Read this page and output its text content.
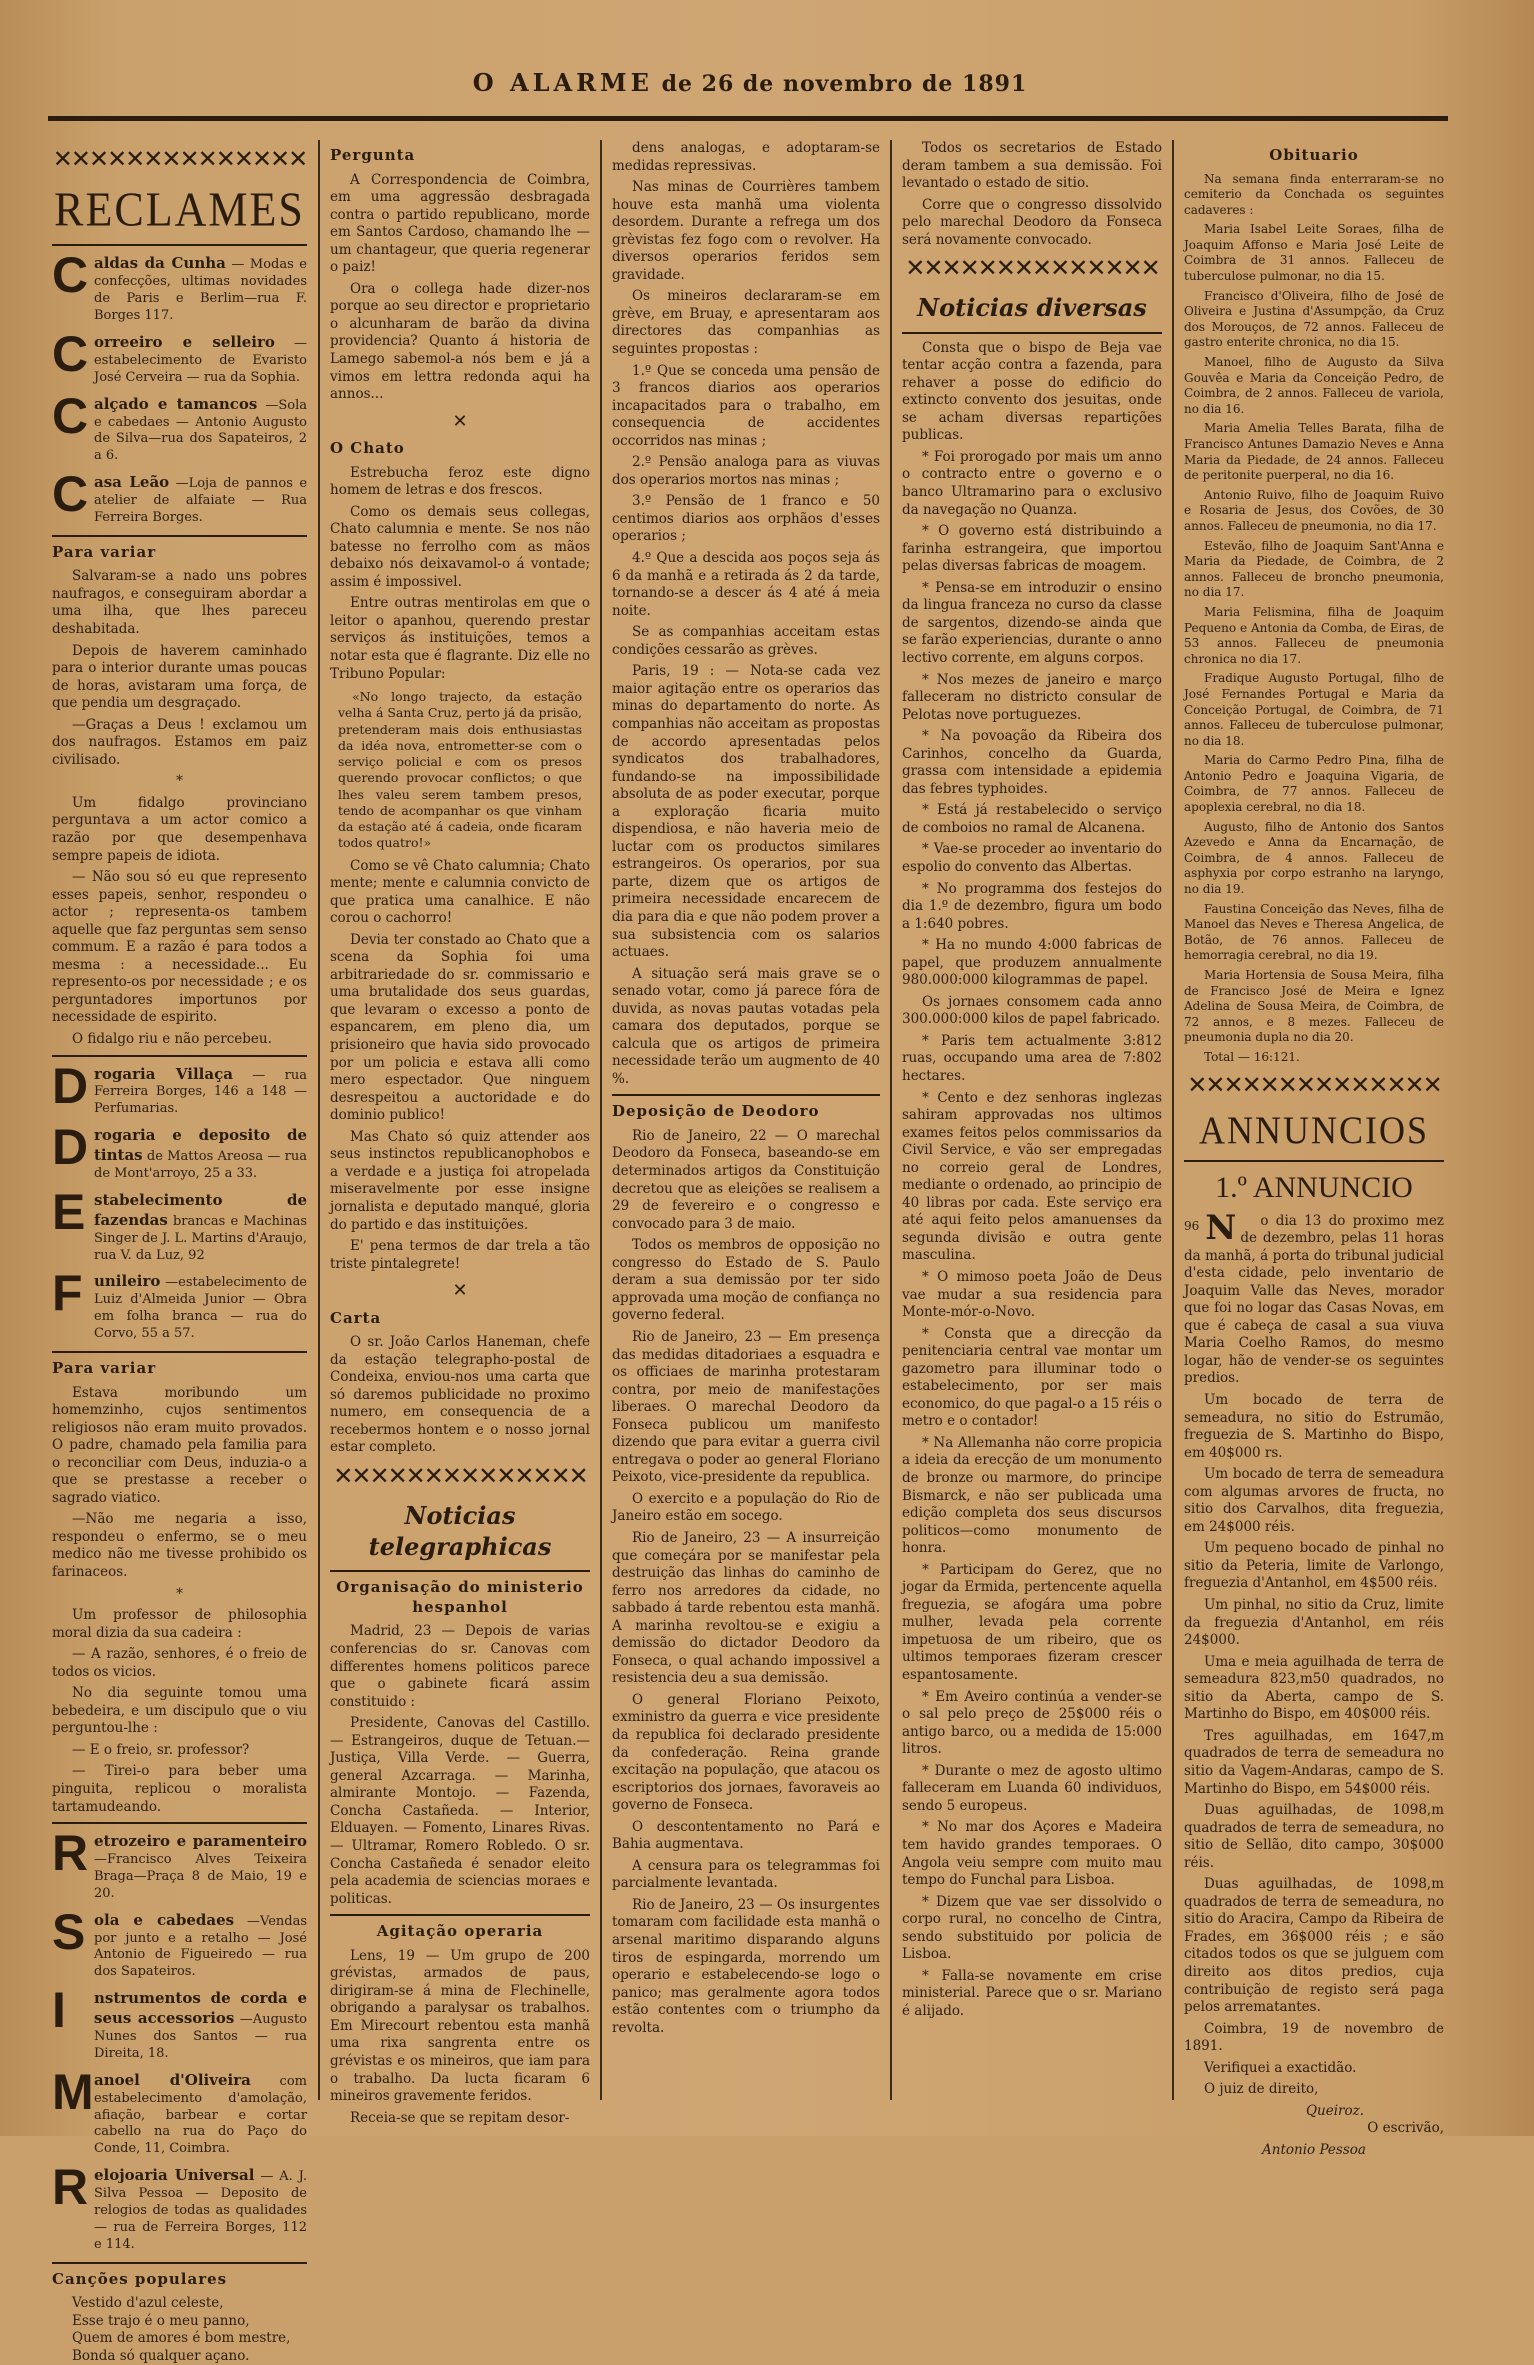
O ALARME de 26 de novembro de 1891
✕✕✕✕✕✕✕✕✕✕✕✕✕✕
RECLAMES
C aldas da Cunha — Modas e confecções, ultimas novidades de Paris e Berlim—rua F. Borges 117.
C orreeiro e selleiro — estabelecimento de Evaristo José Cerveira — rua da Sophia.
C alçado e tamancos —Sola e cabedaes — Antonio Augusto de Silva—rua dos Sapateiros, 2 a 6.
C asa Leão —Loja de pannos e atelier de alfaiate — Rua Ferreira Borges.
Para variar

Salvaram-se a nado uns pobres naufragos, e conseguiram abordar a uma ilha, que lhes pareceu deshabitada.

Depois de haverem caminhado para o interior durante umas poucas de horas, avistaram uma força, de que pendia um desgraçado.

—Graças a Deus ! exclamou um dos naufragos. Estamos em paiz civilisado.

*

Um fidalgo provinciano perguntava a um actor comico a razão por que desempenhava sempre papeis de idiota.

— Não sou só eu que represento esses papeis, senhor, respondeu o actor ; representa-os tambem aquelle que faz perguntas sem senso commum. E a razão é para todos a mesma : a necessidade... Eu represento-os por necessidade ; e os perguntadores importunos por necessidade de espirito.

O fidalgo riu e não percebeu.

D rogaria Villaça — rua Ferreira Borges, 146 a 148 — Perfumarias.
D rogaria e deposito de tintas de Mattos Areosa — rua de Mont'arroyo, 25 a 33.
E stabelecimento de fazendas brancas e Machinas Singer de J. L. Martins d'Araujo, rua V. da Luz, 92
F unileiro —estabelecimento de Luiz d'Almeida Junior — Obra em folha branca — rua do Corvo, 55 a 57.
Para variar

Estava moribundo um homemzinho, cujos sentimentos religiosos não eram muito provados. O padre, chamado pela familia para o reconciliar com Deus, induzia-o a que se prestasse a receber o sagrado viatico.

—Não me negaria a isso, respondeu o enfermo, se o meu medico não me tivesse prohibido os farinaceos.

*

Um professor de philosophia moral dizia da sua cadeira :

— A razão, senhores, é o freio de todos os vicios.

No dia seguinte tomou uma bebedeira, e um discipulo que o viu perguntou-lhe :

— E o freio, sr. professor?

— Tirei-o para beber uma pinguita, replicou o moralista tartamudeando.

R etrozeiro e paramenteiro —Francisco Alves Teixeira Braga—Praça 8 de Maio, 19 e 20.
S ola e cabedaes —Vendas por junto e a retalho — José Antonio de Figueiredo — rua dos Sapateiros.
I nstrumentos de corda e seus accessorios —Augusto Nunes dos Santos — rua Direita, 18.
M anoel d'Oliveira com estabelecimento d'amolação, afiação, barbear e cortar cabello na rua do Paço do Conde, 11, Coimbra.
R elojoaria Universal — A. J. Silva Pessoa — Deposito de relogios de todas as qualidades — rua de Ferreira Borges, 112 e 114.
Canções populares
Vestido d'azul celeste,
Esse trajo é o meu panno,
Quem de amores é bom mestre,
Bonda só qualquer açano.
Pergunta

A Correspondencia de Coimbra, em uma aggressão desbragada contra o partido republicano, morde em Santos Cardoso, chamando lhe — um chantageur, que queria regenerar o paiz!

Ora o collega hade dizer-nos porque ao seu director e proprietario o alcunharam de barão da divina providencia? Quanto á historia de Lamego sabemol-a nós bem e já a vimos em lettra redonda aqui ha annos...

✕
O Chato

Estrebucha feroz este digno homem de letras e dos frescos.

Como os demais seus collegas, Chato calumnia e mente. Se nos não batesse no ferrolho com as mãos debaixo nós deixavamol-o á vontade; assim é impossivel.

Entre outras mentirolas em que o leitor o apanhou, querendo prestar serviços ás instituições, temos a notar esta que é flagrante. Diz elle no Tribuno Popular:

«No longo trajecto, da estação velha á Santa Cruz, perto já da prisão, pretenderam mais dois enthusiastas da idéa nova, entrometter-se com o serviço policial e com os presos querendo provocar conflictos; o que lhes valeu serem tambem presos, tendo de acompanhar os que vinham da estação até á cadeia, onde ficaram todos quatro!»

Como se vê Chato calumnia; Chato mente; mente e calumnia convicto de que pratica uma canalhice. E não corou o cachorro!

Devia ter constado ao Chato que a scena da Sophia foi uma arbitrariedade do sr. commissario e uma brutalidade dos seus guardas, que levaram o excesso a ponto de espancarem, em pleno dia, um prisioneiro que havia sido provocado por um policia e estava alli como mero espectador. Que ninguem desrespeitou a auctoridade e do dominio publico!

Mas Chato só quiz attender aos seus instinctos republicanophobos e a verdade e a justiça foi atropelada miseravelmente por esse insigne jornalista e deputado manqué, gloria do partido e das instituições.

E' pena termos de dar trela a tão triste pintalegrete!

✕
Carta

O sr. João Carlos Haneman, chefe da estação telegrapho-postal de Condeixa, enviou-nos uma carta que só daremos publicidade no proximo numero, em consequencia de a recebermos hontem e o nosso jornal estar completo.

✕✕✕✕✕✕✕✕✕✕✕✕✕✕
Noticias telegraphicas
Organisação do ministerio hespanhol

Madrid, 23 — Depois de varias conferencias do sr. Canovas com differentes homens politicos parece que o gabinete ficará assim constituido :

Presidente, Canovas del Castillo. — Estrangeiros, duque de Tetuan.— Justiça, Villa Verde. — Guerra, general Azcarraga. — Marinha, almirante Montojo. — Fazenda, Concha Castañeda. — Interior, Elduayen. — Fomento, Linares Rivas. — Ultramar, Romero Robledo. O sr. Concha Castañeda é senador eleito pela academia de sciencias moraes e politicas.

Agitação operaria

Lens, 19 — Um grupo de 200 grévistas, armados de paus, dirigiram-se á mina de Flechinelle, obrigando a paralysar os trabalhos. Em Mirecourt rebentou esta manhã uma rixa sangrenta entre os grévistas e os mineiros, que iam para o trabalho. Da lucta ficaram 6 mineiros gravemente feridos.

Receia-se que se repitam desor-

dens analogas, e adoptaram-se medidas repressivas.

Nas minas de Courrières tambem houve esta manhã uma violenta desordem. Durante a refrega um dos grèvistas fez fogo com o revolver. Ha diversos operarios feridos sem gravidade.

Os mineiros declararam-se em grève, em Bruay, e apresentaram aos directores das companhias as seguintes propostas :

1.º Que se conceda uma pensão de 3 francos diarios aos operarios incapacitados para o trabalho, em consequencia de accidentes occorridos nas minas ;

2.º Pensão analoga para as viuvas dos operarios mortos nas minas ;

3.º Pensão de 1 franco e 50 centimos diarios aos orphãos d'esses operarios ;

4.º Que a descida aos poços seja ás 6 da manhã e a retirada ás 2 da tarde, tornando-se a descer ás 4 até á meia noite.

Se as companhias acceitam estas condições cessarão as grèves.

Paris, 19 : — Nota-se cada vez maior agitação entre os operarios das minas do departamento do norte. As companhias não acceitam as propostas de accordo apresentadas pelos syndicatos dos trabalhadores, fundando-se na impossibilidade absoluta de as poder executar, porque a exploração ficaria muito dispendiosa, e não haveria meio de luctar com os productos similares estrangeiros. Os operarios, por sua parte, dizem que os artigos de primeira necessidade encarecem de dia para dia e que não podem prover a sua subsistencia com os salarios actuaes.

A situação será mais grave se o senado votar, como já parece fóra de duvida, as novas pautas votadas pela camara dos deputados, porque se calcula que os artigos de primeira necessidade terão um augmento de 40 %.

Deposição de Deodoro

Rio de Janeiro, 22 — O marechal Deodoro da Fonseca, baseando-se em determinados artigos da Constituição decretou que as eleições se realisem a 29 de fevereiro e o congresso e convocado para 3 de maio.

Todos os membros de opposição no congresso do Estado de S. Paulo deram a sua demissão por ter sido approvada uma moção de confiança no governo federal.

Rio de Janeiro, 23 — Em presença das medidas ditadoriaes a esquadra e os officiaes de marinha protestaram contra, por meio de manifestações liberaes. O marechal Deodoro da Fonseca publicou um manifesto dizendo que para evitar a guerra civil entregava o poder ao general Floriano Peixoto, vice-presidente da republica.

O exercito e a população do Rio de Janeiro estão em socego.

Rio de Janeiro, 23 — A insurreição que começára por se manifestar pela destruição das linhas do caminho de ferro nos arredores da cidade, no sabbado á tarde rebentou esta manhã. A marinha revoltou-se e exigiu a demissão do dictador Deodoro da Fonseca, o qual achando impossivel a resistencia deu a sua demissão.

O general Floriano Peixoto, exministro da guerra e vice presidente da republica foi declarado presidente da confederação. Reina grande excitação na população, que atacou os escriptorios dos jornaes, favoraveis ao governo de Fonseca.

O descontentamento no Pará e Bahia augmentava.

A censura para os telegrammas foi parcialmente levantada.

Rio de Janeiro, 23 — Os insurgentes tomaram com facilidade esta manhã o arsenal maritimo disparando alguns tiros de espingarda, morrendo um operario e estabelecendo-se logo o panico; mas geralmente agora todos estão contentes com o triumpho da revolta.

Todos os secretarios de Estado deram tambem a sua demissão. Foi levantado o estado de sitio.

Corre que o congresso dissolvido pelo marechal Deodoro da Fonseca será novamente convocado.

✕✕✕✕✕✕✕✕✕✕✕✕✕✕
Noticias diversas

Consta que o bispo de Beja vae tentar acção contra a fazenda, para rehaver a posse do edificio do extincto convento dos jesuitas, onde se acham diversas repartições publicas.

* Foi prorogado por mais um anno o contracto entre o governo e o banco Ultramarino para o exclusivo da navegação no Quanza.

* O governo está distribuindo a farinha estrangeira, que importou pelas diversas fabricas de moagem.

* Pensa-se em introduzir o ensino da lingua franceza no curso da classe de sargentos, dizendo-se ainda que se farão experiencias, durante o anno lectivo corrente, em alguns corpos.

* Nos mezes de janeiro e março falleceram no districto consular de Pelotas nove portuguezes.

* Na povoação da Ribeira dos Carinhos, concelho da Guarda, grassa com intensidade a epidemia das febres typhoides.

* Está já restabelecido o serviço de comboios no ramal de Alcanena.

* Vae-se proceder ao inventario do espolio do convento das Albertas.

* No programma dos festejos do dia 1.º de dezembro, figura um bodo a 1:640 pobres.

* Ha no mundo 4:000 fabricas de papel, que produzem annualmente 980.000:000 kilogrammas de papel.

Os jornaes consomem cada anno 300.000:000 kilos de papel fabricado.

* Paris tem actualmente 3:812 ruas, occupando uma area de 7:802 hectares.

* Cento e dez senhoras inglezas sahiram approvadas nos ultimos exames feitos pelos commissarios da Civil Service, e vão ser empregadas no correio geral de Londres, mediante o ordenado, ao principio de 40 libras por cada. Este serviço era até aqui feito pelos amanuenses da segunda divisão e outra gente masculina.

* O mimoso poeta João de Deus vae mudar a sua residencia para Monte-mór-o-Novo.

* Consta que a direcção da penitenciaria central vae montar um gazometro para illuminar todo o estabelecimento, por ser mais economico, do que pagal-o a 15 réis o metro e o contador!

* Na Allemanha não corre propicia a ideia da erecção de um monumento de bronze ou marmore, do principe Bismarck, e não ser publicada uma edição completa dos seus discursos politicos—como monumento de honra.

* Participam do Gerez, que no jogar da Ermida, pertencente aquella freguezia, se afogára uma pobre mulher, levada pela corrente impetuosa de um ribeiro, que os ultimos temporaes fizeram crescer espantosamente.

* Em Aveiro continúa a vender-se o sal pelo preço de 25$000 réis o antigo barco, ou a medida de 15:000 litros.

* Durante o mez de agosto ultimo falleceram em Luanda 60 individuos, sendo 5 europeus.

* No mar dos Açores e Madeira tem havido grandes temporaes. O Angola veiu sempre com muito mau tempo do Funchal para Lisboa.

* Dizem que vae ser dissolvido o corpo rural, no concelho de Cintra, sendo substituido por policia de Lisboa.

* Falla-se novamente em crise ministerial. Parece que o sr. Mariano é alijado.

Obituario

Na semana finda enterraram-se no cemiterio da Conchada os seguintes cadaveres :

Maria Isabel Leite Soraes, filha de Joaquim Affonso e Maria José Leite de Coimbra de 31 annos. Falleceu de tuberculose pulmonar, no dia 15.

Francisco d'Oliveira, filho de José de Oliveira e Justina d'Assumpção, da Cruz dos Morouços, de 72 annos. Falleceu de gastro enterite chronica, no dia 15.

Manoel, filho de Augusto da Silva Gouvêa e Maria da Conceição Pedro, de Coimbra, de 2 annos. Falleceu de variola, no dia 16.

Maria Amelia Telles Barata, filha de Francisco Antunes Damazio Neves e Anna Maria da Piedade, de 24 annos. Falleceu de peritonite puerperal, no dia 16.

Antonio Ruivo, filho de Joaquim Ruivo e Rosaria de Jesus, dos Covões, de 30 annos. Falleceu de pneumonia, no dia 17.

Estevão, filho de Joaquim Sant'Anna e Maria da Piedade, de Coimbra, de 2 annos. Falleceu de broncho pneumonia, no dia 17.

Maria Felismina, filha de Joaquim Pequeno e Antonia da Comba, de Eiras, de 53 annos. Falleceu de pneumonia chronica no dia 17.

Fradique Augusto Portugal, filho de José Fernandes Portugal e Maria da Conceição Portugal, de Coimbra, de 71 annos. Falleceu de tuberculose pulmonar, no dia 18.

Maria do Carmo Pedro Pina, filha de Antonio Pedro e Joaquina Vigaria, de Coimbra, de 77 annos. Falleceu de apoplexia cerebral, no dia 18.

Augusto, filho de Antonio dos Santos Azevedo e Anna da Encarnação, de Coimbra, de 4 annos. Falleceu de asphyxia por corpo estranho na laryngo, no dia 19.

Faustina Conceição das Neves, filha de Manoel das Neves e Theresa Angelica, de Botão, de 76 annos. Falleceu de hemorragia cerebral, no dia 19.

Maria Hortensia de Sousa Meira, filha de Francisco José de Meira e Ignez Adelina de Sousa Meira, de Coimbra, de 72 annos, e 8 mezes. Falleceu de pneumonia dupla no dia 20.

Total — 16:121.

✕✕✕✕✕✕✕✕✕✕✕✕✕✕
ANNUNCIOS
1.º ANNUNCIO
96 N	o dia 13 do proximo mez de dezembro, pelas 11 horas da manhã, á porta do tribunal judicial d'esta cidade, pelo inventario de Joaquim Valle das Neves, morador que foi no logar das Casas Novas, em que é cabeça de casal a sua viuva Maria Coelho Ramos, do mesmo logar, hão de vender-se os seguintes predios.

Um bocado de terra de semeadura, no sitio do Estrumão, freguezia de S. Martinho do Bispo, em 40$000 rs.

Um bocado de terra de semeadura com algumas arvores de fructa, no sitio dos Carvalhos, dita freguezia, em 24$000 réis.

Um pequeno bocado de pinhal no sitio da Peteria, limite de Varlongo, freguezia d'Antanhol, em 4$500 réis.

Um pinhal, no sitio da Cruz, limite da freguezia d'Antanhol, em réis 24$000.

Uma e meia aguilhada de terra de semeadura 823,m50 quadrados, no sitio da Aberta, campo de S. Martinho do Bispo, em 40$000 réis.

Tres aguilhadas, em 1647,m quadrados de terra de semeadura no sitio da Vagem-Andaras, campo de S. Martinho do Bispo, em 54$000 réis.

Duas aguilhadas, de 1098,m quadrados de terra de semeadura, no sitio de Sellão, dito campo, 30$000 réis.

Duas aguilhadas, de 1098,m quadrados de terra de semeadura, no sitio do Aracira, Campo da Ribeira de Frades, em 36$000 réis ; e são citados todos os que se julguem com direito aos ditos predios, cuja contribuição de registo será paga pelos arrematantes.

Coimbra, 19 de novembro de 1891.

Verifiquei a exactidão.

O juiz de direito,

Queiroz.
O escrivão,
Antonio Pessoa
